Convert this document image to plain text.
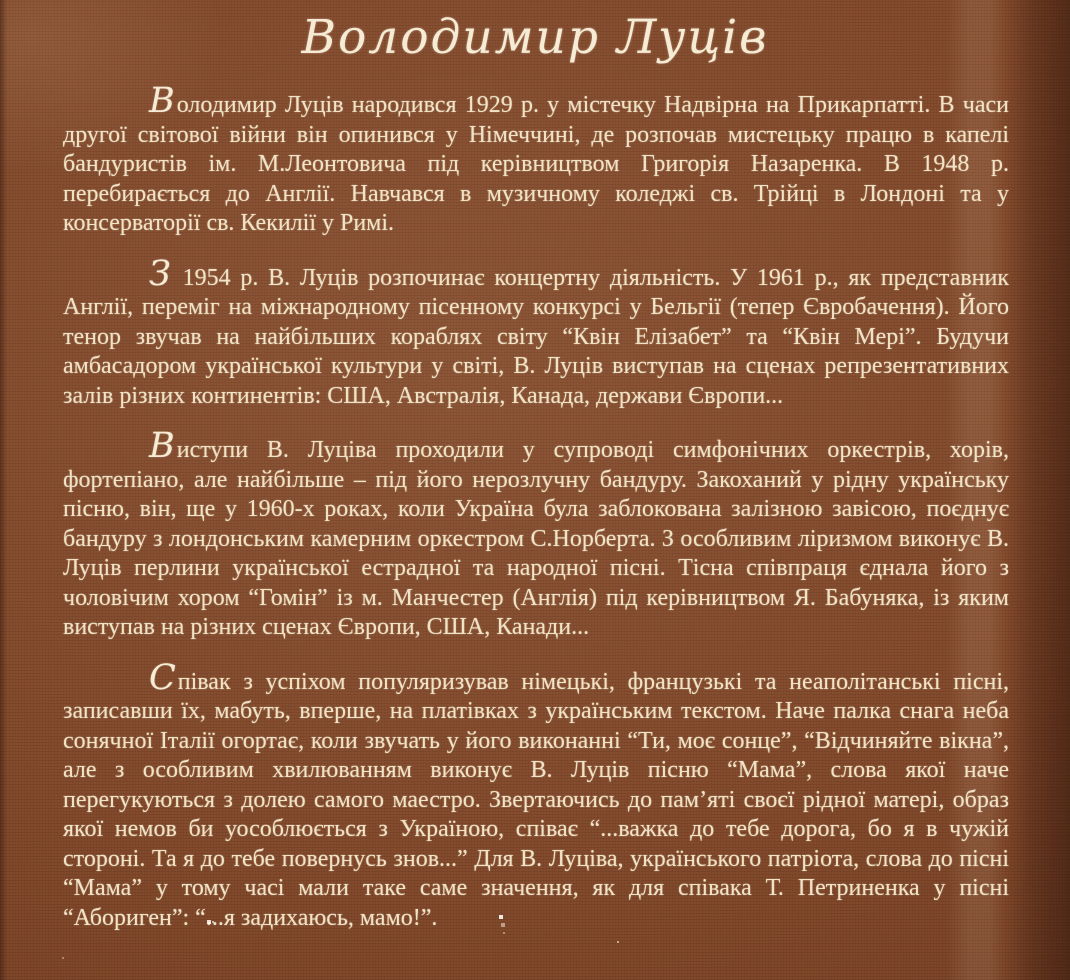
Володимир Луців

Володимир Луців народився 1929 р. у містечку Надвірна на Прикарпатті. В часи другої світової війни він опинився у Німеччині, де розпочав мистецьку працю в капелі бандуристів ім. М.Леонтовича під керівництвом Григорія Назаренка. В 1948 р. перебирається до Англії. Навчався в музичному коледжі св. Трійці в Лондоні та у консерваторії св. Кекилії у Римі.

З 1954 р. В. Луців розпочинає концертну діяльність. У 1961 р., як представник Англії, переміг на міжнародному пісенному конкурсі у Бельгії (тепер Євробачення). Його тенор звучав на найбільших кораблях світу “Квін Елізабет” та “Квін Мері”. Будучи амбасадором української культури у світі, В. Луців виступав на сценах репрезентативних залів різних континентів: США, Австралія, Канада, держави Європи...

Виступи В. Луціва проходили у супроводі симфонічних оркестрів, хорів, фортепіано, але найбільше – під його нерозлучну бандуру. Закоханий у рідну українську пісню, він, ще у 1960-х роках, коли Україна була заблокована залізною завісою, поєднує бандуру з лондонським камерним оркестром С.Норберта. З особливим ліризмом виконує В. Луців перлини української естрадної та народної пісні. Тісна співпраця єднала його з чоловічим хором “Гомін” із м. Манчестер (Англія) під керівництвом Я. Бабуняка, із яким виступав на різних сценах Європи, США, Канади...

Співак з успіхом популяризував німецькі, французькі та неаполітанські пісні, записавши їх, мабуть, вперше, на платівках з українським текстом. Наче палка снага неба сонячної Італії огортає, коли звучать у його виконанні “Ти, моє сонце”, “Відчиняйте вікна”, але з особливим хвилюванням виконує В. Луців пісню “Мама”, слова якої наче перегукуються з долею самого маестро. Звертаючись до пам’яті своєї рідної матері, образ якої немов би уособлюється з Україною, співає “...важка до тебе дорога, бо я в чужій стороні. Та я до тебе повернусь знов...” Для В. Луціва, українського патріота, слова до пісні “Мама” у тому часі мали таке саме значення, як для співака Т. Петриненка у пісні “Абориген”: “...я задихаюсь, мамо!”.
